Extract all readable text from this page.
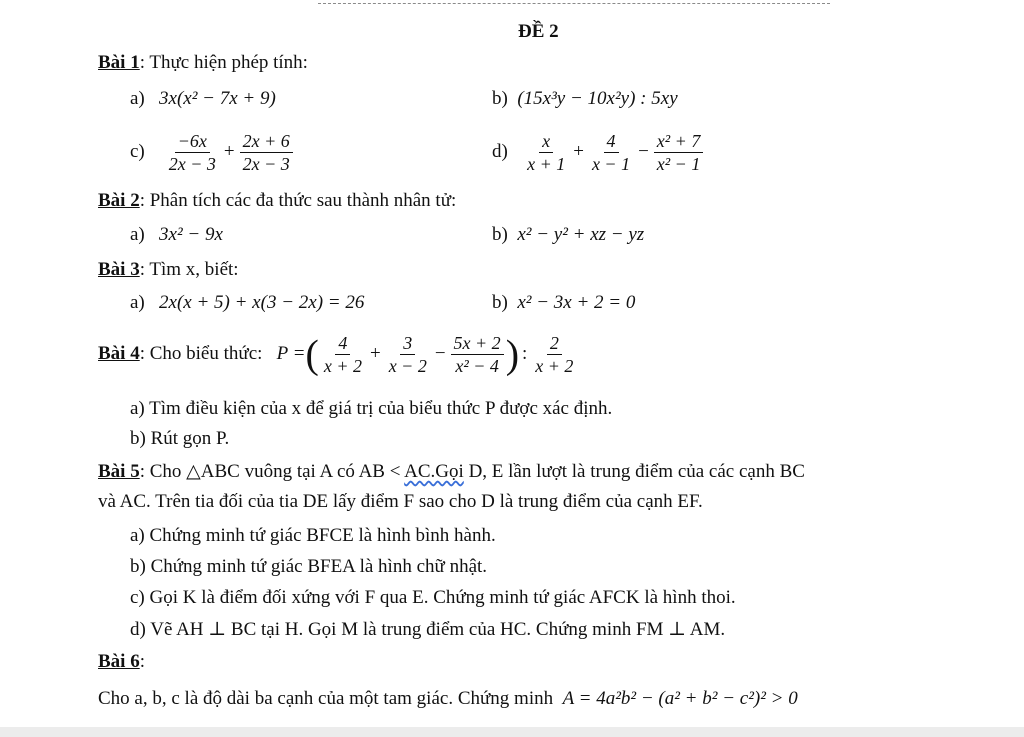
ĐỀ 2
Bài 1: Thực hiện phép tính:
a) 3x(x² − 7x + 9)	b) (15x³y − 10x²y) : 5xy
$c) \frac{-6x}{2x - 3} + \frac{2x + 6}{2x - 3}$	$d) \frac{x}{x + 1} + \frac{4}{x - 1} - \frac{\text{x² + 7}}{\text{x² − 1}}$
Bài 2: Phân tích các đa thức sau thành nhân tử:
a) 3x² − 9x	b) x² − y² + xz − yz
Bài 3: Tìm x, biết:
a) 2x(x + 5) + x(3 − 2x) = 26	b) x² − 3x + 2 = 0
Bài 4: Cho biểu thức: P =( $\frac{4}{x + 2} + \frac{3}{x - 2} - \frac{5x + 2}{\text{x² − 4}}$ ) : $\frac{2}{x + 2}$
a) Tìm điều kiện của x để giá trị của biểu thức P được xác định.
b) Rút gọn P.
Bài 5: Cho △ABC vuông tại A có AB < AC.Gọi D, E lần lượt là trung điểm của các cạnh BC
và AC. Trên tia đối của tia DE lấy điểm F sao cho D là trung điểm của cạnh EF.
a) Chứng minh tứ giác BFCE là hình bình hành.
b) Chứng minh tứ giác BFEA là hình chữ nhật.
c) Gọi K là điểm đối xứng với F qua E. Chứng minh tứ giác AFCK là hình thoi.
d) Vẽ AH ⊥ BC tại H. Gọi M là trung điểm của HC. Chứng minh FM ⊥ AM.
Bài 6:
Cho a, b, c là độ dài ba cạnh của một tam giác. Chứng minh A = 4a²b² − (a² + b² − c²)² > 0
